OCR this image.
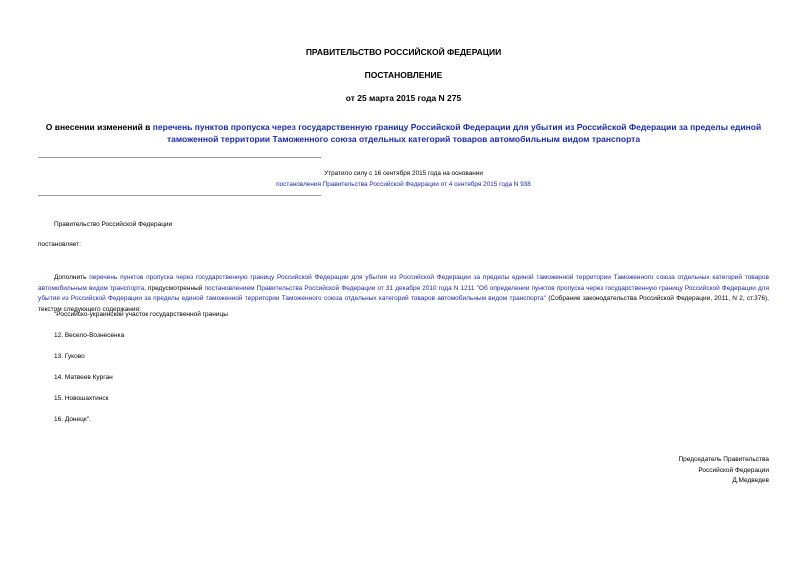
ПРАВИТЕЛЬСТВО РОССИЙСКОЙ ФЕДЕРАЦИИ
ПОСТАНОВЛЕНИЕ
от 25 марта 2015 года N 275
О внесении изменений в перечень пунктов пропуска через государственную границу Российской Федерации для убытия из Российской Федерации за пределы единой таможенной территории Таможенного союза отдельных категорий товаров автомобильным видом транспорта
Утратило силу с 16 сентября 2015 года на основании
постановления Правительства Российской Федерации от 4 сентября 2015 года N 938
Правительство Российской Федерации
постановляет:
Дополнить перечень пунктов пропуска через государственную границу Российской Федерации для убытия из Российской Федерации за пределы единой таможенной территории Таможенного союза отдельных категорий товаров автомобильным видом транспорта, предусмотренный постановлением Правительства Российской Федерации от 31 декабря 2010 года N 1211 "Об определении пунктов пропуска через государственную границу Российской Федерации для убытия из Российской Федерации за пределы единой таможенной территории Таможенного союза отдельных категорий товаров автомобильным видом транспорта" (Собрание законодательства Российской Федерации, 2011, N 2, ст.376), текстом следующего содержания:
"Российско-украинский участок государственной границы
12. Весело-Вознесенка
13. Гуково
14. Матвеев Курган
15. Новошахтинск
16. Донецк".
Председатель Правительства
Российской Федерации
Д.Медведев
